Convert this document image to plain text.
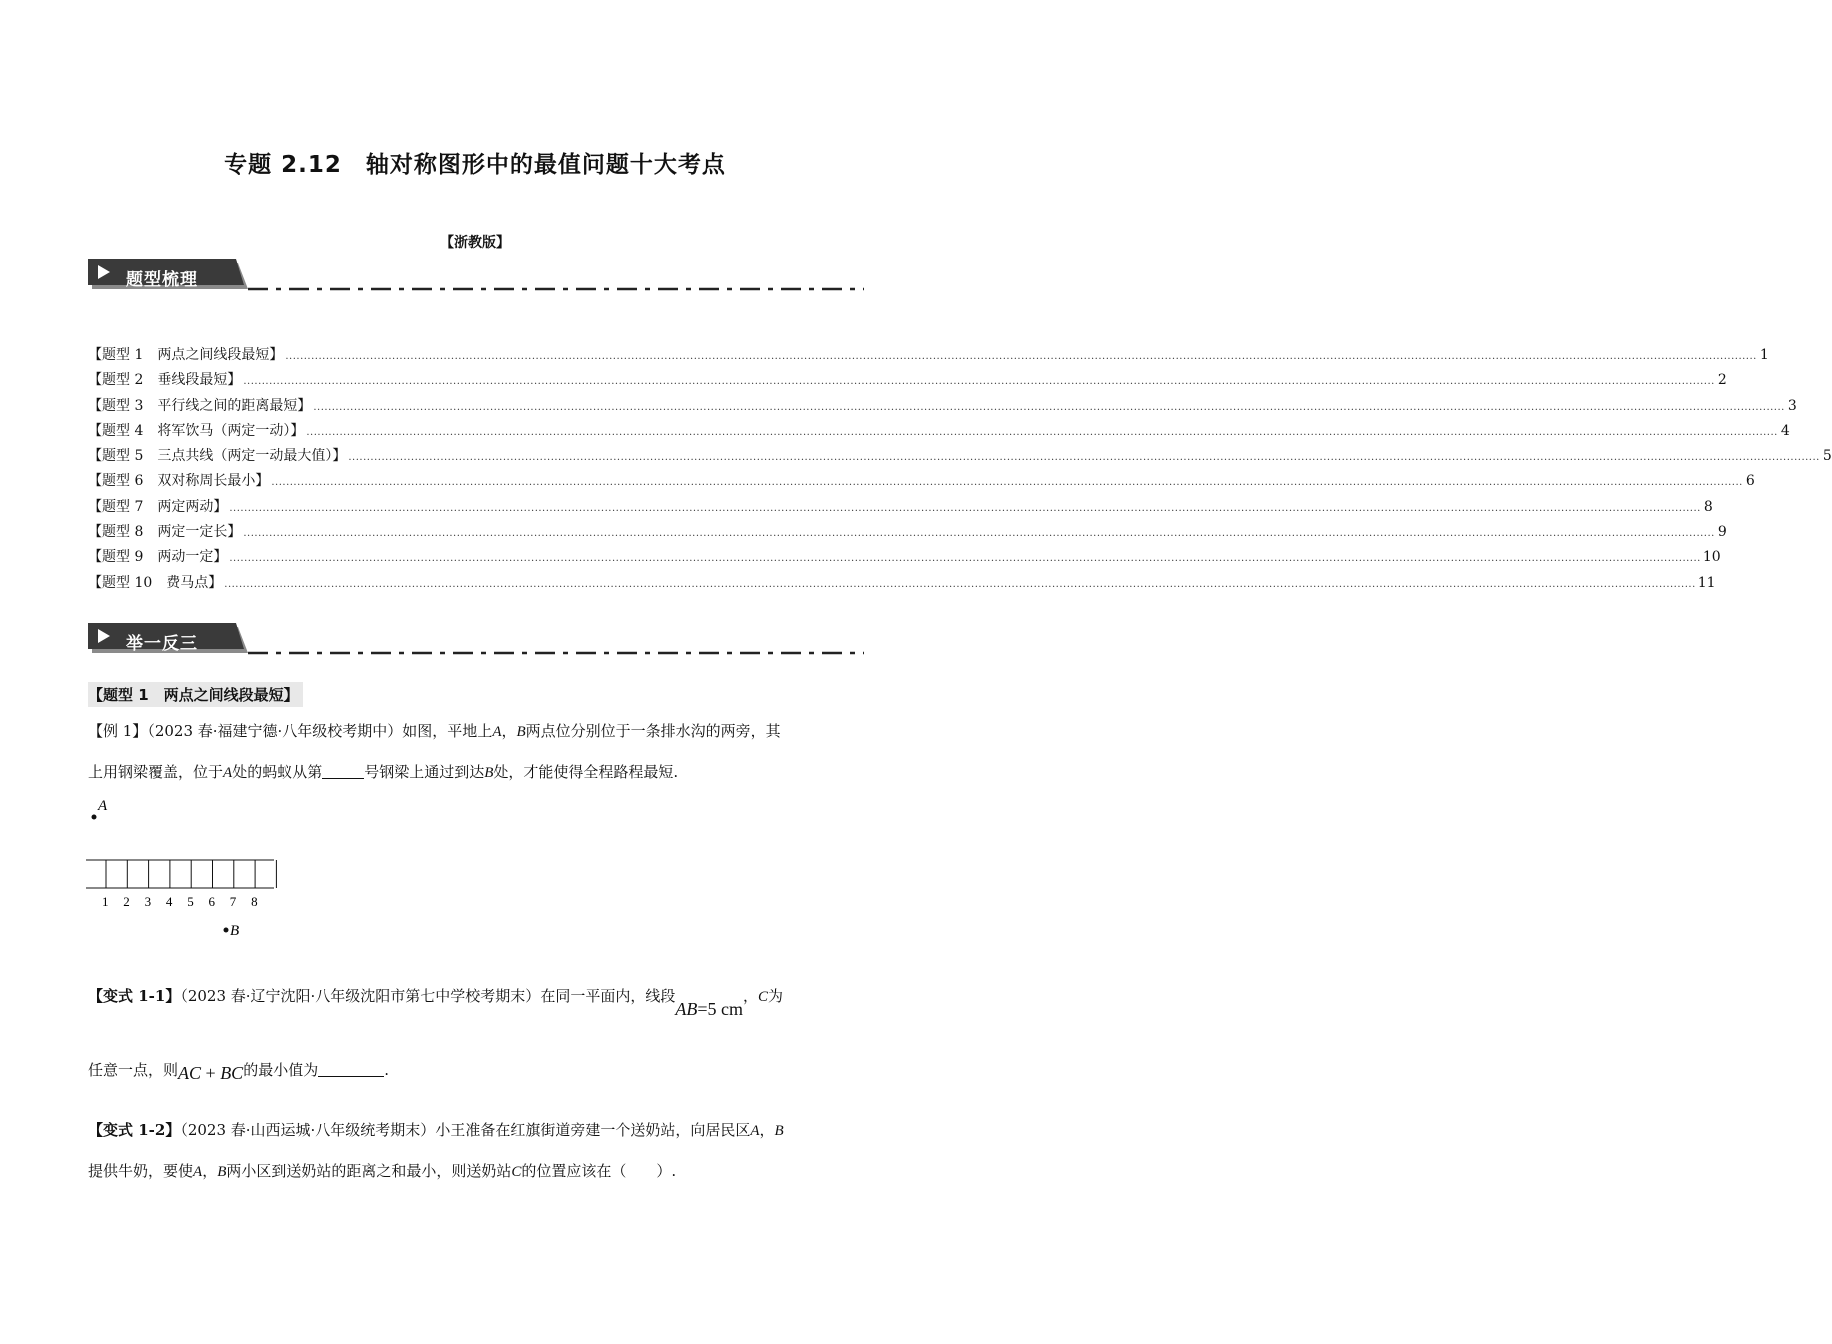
专题 2.12　轴对称图形中的最值问题十大考点
【浙教版】
题型梳理
【题型 1　两点之间线段最短】 ................................................................................................................................................................................................................................................................................................................................................................................................................ 1
【题型 2　垂线段最短】 ................................................................................................................................................................................................................................................................................................................................................................................................................ 2
【题型 3　平行线之间的距离最短】 ................................................................................................................................................................................................................................................................................................................................................................................................................ 3
【题型 4　将军饮马（两定一动）】 ................................................................................................................................................................................................................................................................................................................................................................................................................ 4
【题型 5　三点共线（两定一动最大值）】 ................................................................................................................................................................................................................................................................................................................................................................................................................ 5
【题型 6　双对称周长最小】 ................................................................................................................................................................................................................................................................................................................................................................................................................ 6
【题型 7　两定两动】 ................................................................................................................................................................................................................................................................................................................................................................................................................ 8
【题型 8　两定一定长】 ................................................................................................................................................................................................................................................................................................................................................................................................................ 9
【题型 9　两动一定】 ................................................................................................................................................................................................................................................................................................................................................................................................................ 10
【题型 10　费马点】 ................................................................................................................................................................................................................................................................................................................................................................................................................ 11
举一反三
【题型 1　两点之间线段最短】
【例 1】（2023 春·福建宁德·八年级校考期中）如图，平地上A，B两点位分别位于一条排水沟的两旁，其
上用钢梁覆盖，位于A处的蚂蚁从第	号钢梁上通过到达B处，才能使得全程路程最短.
A
1 2 3 4 5 6 7 8
B
【变式 1-1】（2023 春·辽宁沈阳·八年级沈阳市第七中学校考期末）在同一平面内，线段AB=5 cm，C为
任意一点，则AC + BC的最小值为	.
【变式 1-2】（2023 春·山西运城·八年级统考期末）小王准备在红旗街道旁建一个送奶站，向居民区A，B
提供牛奶，要使A，B两小区到送奶站的距离之和最小，则送奶站C的位置应该在（　　）.
